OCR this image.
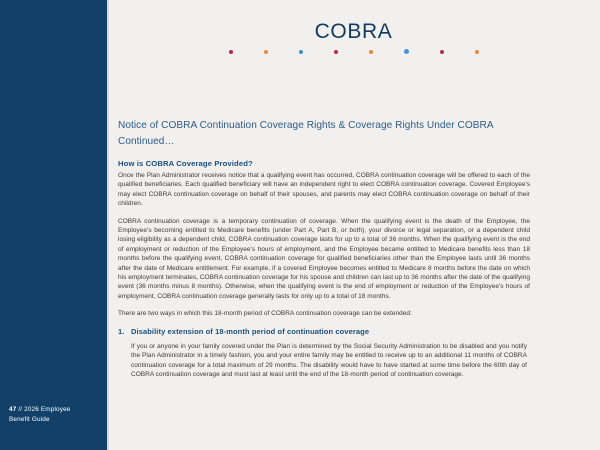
47 // 2026 Employee
Benefit Guide
COBRA
Notice of COBRA Continuation Coverage Rights & Coverage Rights Under COBRA
Continued…
How is COBRA Coverage Provided?

Once the Plan Administrator receives notice that a qualifying event has occurred, COBRA continuation coverage will be offered to each of the qualified beneficiaries. Each qualified beneficiary will have an independent right to elect COBRA continuation coverage. Covered Employee's may elect COBRA continuation coverage on behalf of their spouses, and parents may elect COBRA continuation coverage on behalf of their children.

COBRA continuation coverage is a temporary continuation of coverage. When the qualifying event is the death of the Employee, the Employee's becoming entitled to Medicare benefits (under Part A, Part B, or both), your divorce or legal separation, or a dependent child losing eligibility as a dependent child, COBRA continuation coverage lasts for up to a total of 36 months. When the qualifying event is the end of employment or reduction of the Employee's hours of employment, and the Employee became entitled to Medicare benefits less than 18 months before the qualifying event, COBRA continuation coverage for qualified beneficiaries other than the Employee lasts until 36 months after the date of Medicare entitlement. For example, if a covered Employee becomes entitled to Medicare 8 months before the date on which his employment terminates, COBRA continuation coverage for his spouse and children can last up to 36 months after the date of the qualifying event (36 months minus 8 months). Otherwise, when the qualifying event is the end of employment or reduction of the Employee's hours of employment, COBRA continuation coverage generally lasts for only up to a total of 18 months.

There are two ways in which this 18-month period of COBRA continuation coverage can be extended:

1. Disability extension of 18-month period of continuation coverage

If you or anyone in your family covered under the Plan is determined by the Social Security Administration to be disabled and you notify the Plan Administrator in a timely fashion, you and your entire family may be entitled to receive up to an additional 11 months of COBRA continuation coverage for a total maximum of 29 months. The disability would have to have started at some time before the 60th day of COBRA continuation coverage and must last at least until the end of the 18-month period of continuation coverage.
